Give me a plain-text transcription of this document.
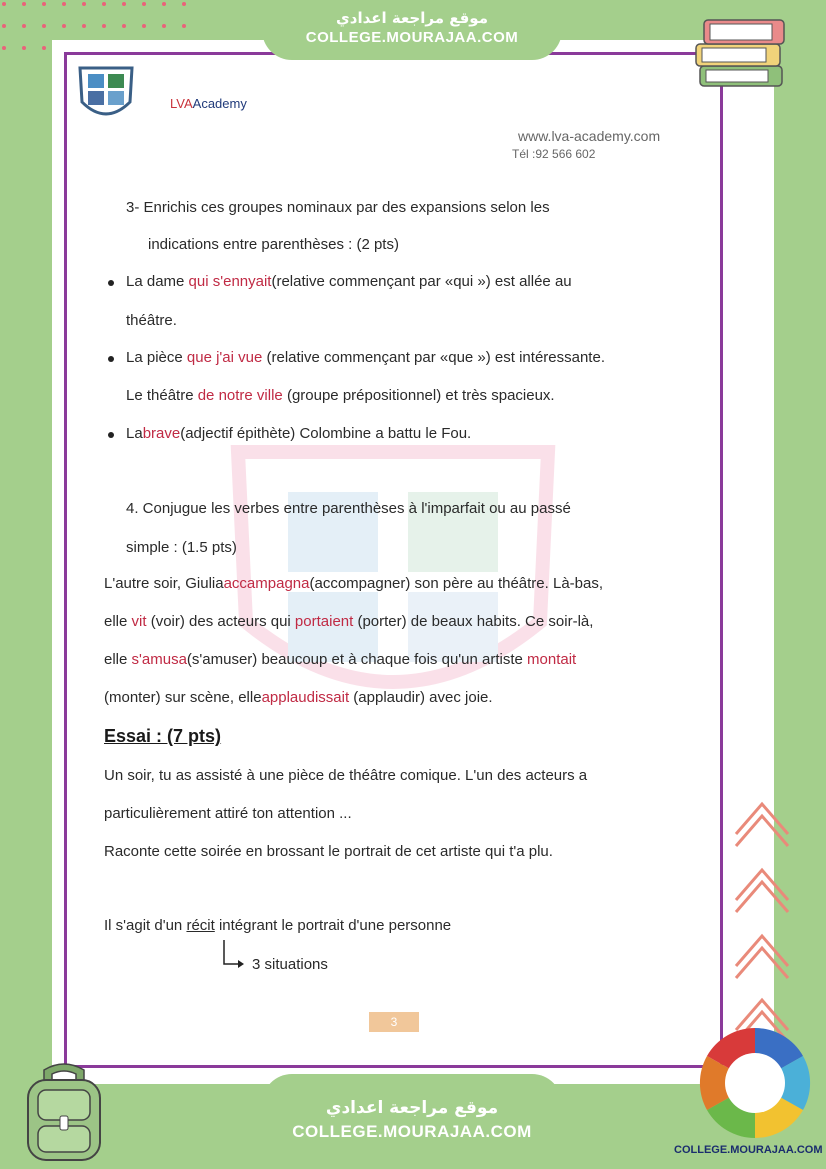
موقع مراجعة اعدادي
COLLEGE.MOURAJAA.COM
LVAAcademy
www.lva-academy.com
Tél :92 566 602
3- Enrichis ces groupes nominaux par des expansions selon les
indications entre parenthèses : (2 pts)
La dame qui s'ennyait(relative commençant par «qui ») est allée au
théâtre.
La pièce que j'ai vue (relative commençant par «que ») est intéressante.
Le théâtre de notre ville (groupe prépositionnel) et très spacieux.
Labrave(adjectif épithète) Colombine a battu le Fou.
4. Conjugue les verbes entre parenthèses à l'imparfait ou au passé
simple : (1.5 pts)
L'autre soir, Giuliaaccampagna(accompagner) son père au théâtre. Là-bas,
elle vit (voir) des acteurs qui portaient (porter) de beaux habits. Ce soir-là,
elle s'amusa(s'amuser) beaucoup et à chaque fois qu'un artiste montait
(monter) sur scène, elleapplaudissait (applaudir) avec joie.
Essai : (7 pts)
Un soir, tu as assisté à une pièce de théâtre comique. L'un des acteurs a
particulièrement attiré ton attention ...
Raconte cette soirée en brossant le portrait de cet artiste qui t'a plu.
Il s'agit d'un récit intégrant le portrait d'une personne
3 situations
3
موقع مراجعة اعدادي
COLLEGE.MOURAJAA.COM
COLLEGE.MOURAJAA.COM
